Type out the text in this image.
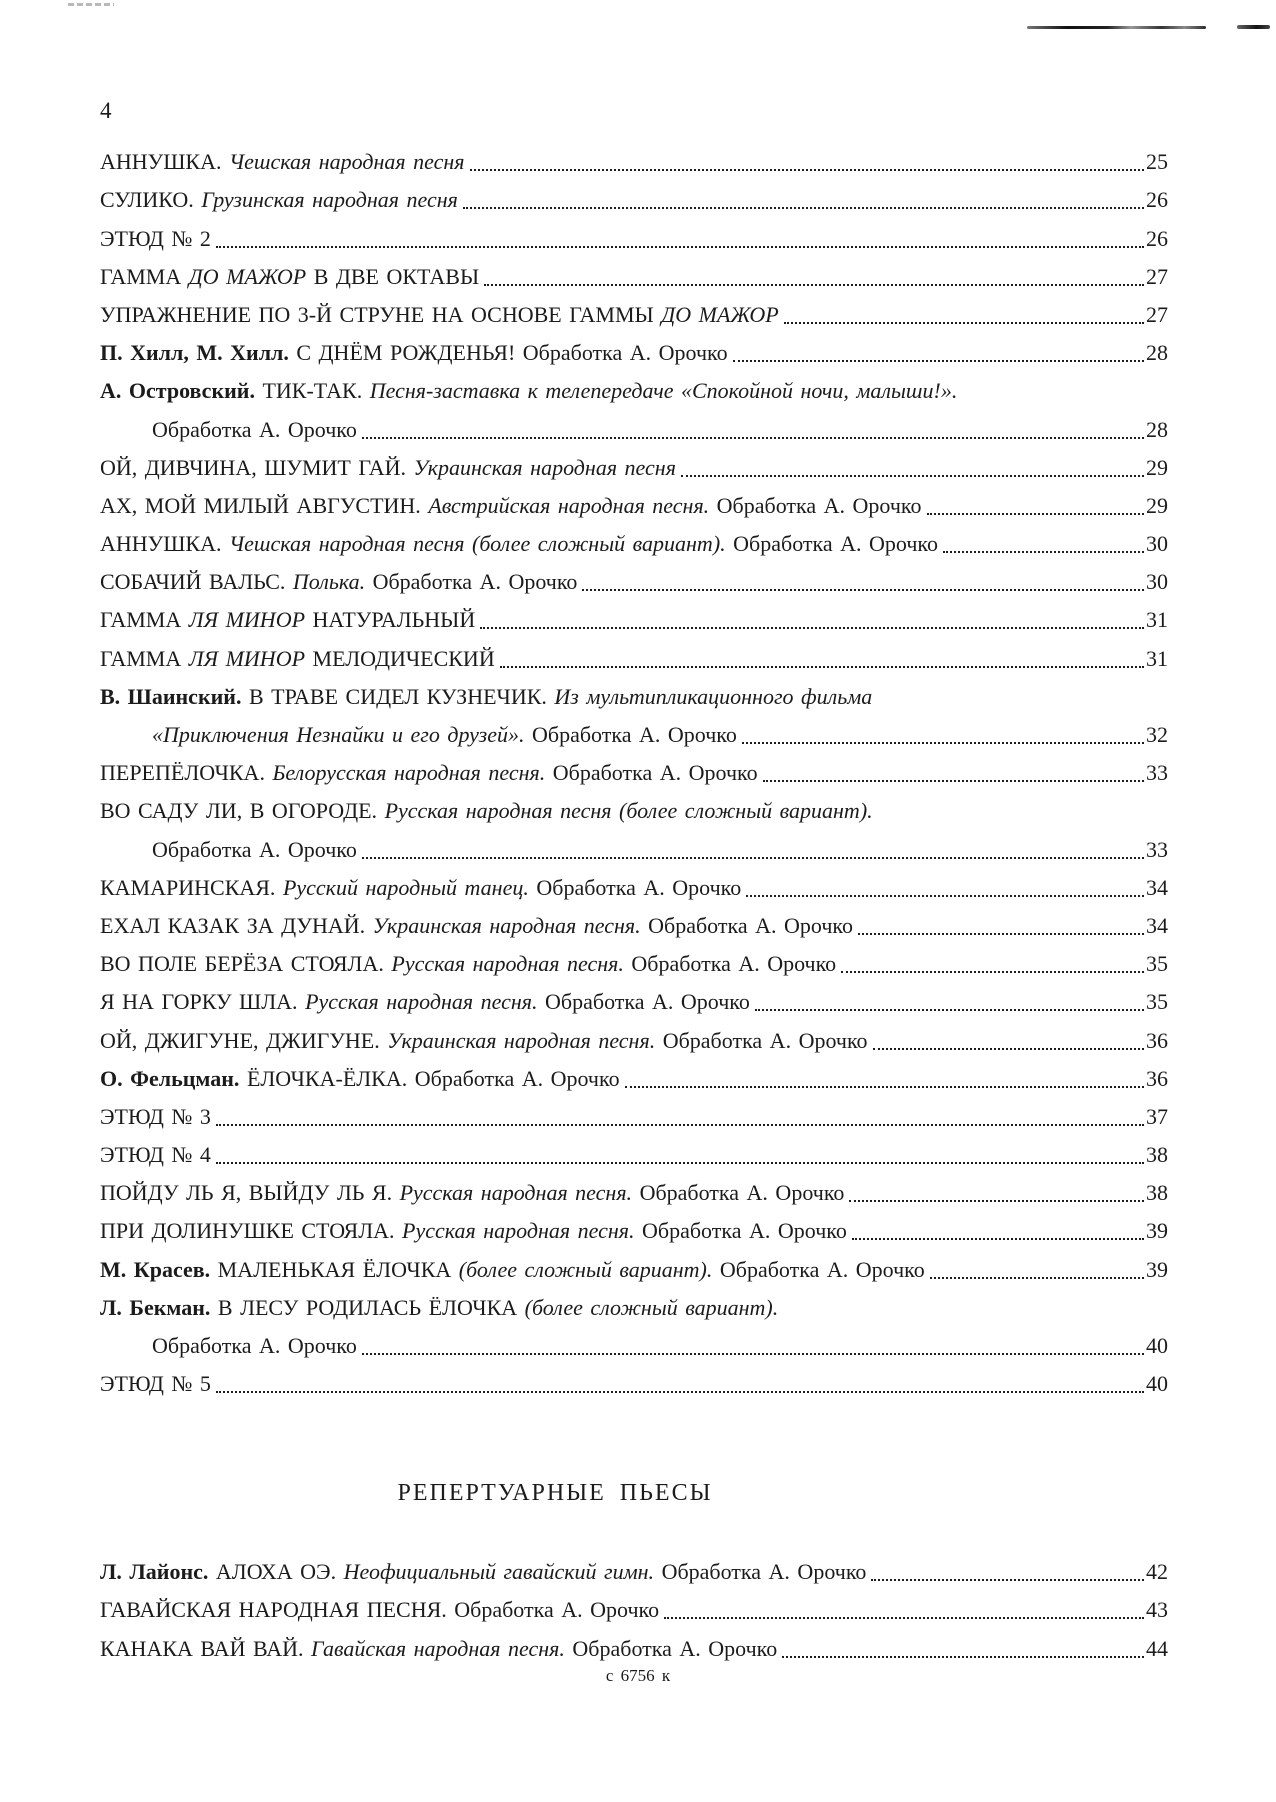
4
АННУШКА. Чешская народная песня	25
СУЛИКО. Грузинская народная песня	26
ЭТЮД № 2	26
ГАММА ДО МАЖОР В ДВЕ ОКТАВЫ	27
УПРАЖНЕНИЕ ПО 3-Й СТРУНЕ НА ОСНОВЕ ГАММЫ ДО МАЖОР	27
П. Хилл, М. Хилл. С ДНЁМ РОЖДЕНЬЯ! Обработка А. Орочко	28
А. Островский. ТИК-ТАК. Песня-заставка к телепередаче «Спокойной ночи, малыши!».
Обработка А. Орочко	28
ОЙ, ДИВЧИНА, ШУМИТ ГАЙ. Украинская народная песня	29
АХ, МОЙ МИЛЫЙ АВГУСТИН. Австрийская народная песня. Обработка А. Орочко	29
АННУШКА. Чешская народная песня (более сложный вариант). Обработка А. Орочко	30
СОБАЧИЙ ВАЛЬС. Полька. Обработка А. Орочко	30
ГАММА ЛЯ МИНОР НАТУРАЛЬНЫЙ	31
ГАММА ЛЯ МИНОР МЕЛОДИЧЕСКИЙ	31
В. Шаинский. В ТРАВЕ СИДЕЛ КУЗНЕЧИК. Из мультипликационного фильма
«Приключения Незнайки и его друзей». Обработка А. Орочко	32
ПЕРЕПЁЛОЧКА. Белорусская народная песня. Обработка А. Орочко	33
ВО САДУ ЛИ, В ОГОРОДЕ. Русская народная песня (более сложный вариант).
Обработка А. Орочко	33
КАМАРИНСКАЯ. Русский народный танец. Обработка А. Орочко	34
ЕХАЛ КАЗАК ЗА ДУНАЙ. Украинская народная песня. Обработка А. Орочко	34
ВО ПОЛЕ БЕРЁЗА СТОЯЛА. Русская народная песня. Обработка А. Орочко	35
Я НА ГОРКУ ШЛА. Русская народная песня. Обработка А. Орочко	35
ОЙ, ДЖИГУНЕ, ДЖИГУНЕ. Украинская народная песня. Обработка А. Орочко	36
О. Фельцман. ЁЛОЧКА-ЁЛКА. Обработка А. Орочко	36
ЭТЮД № 3	37
ЭТЮД № 4	38
ПОЙДУ ЛЬ Я, ВЫЙДУ ЛЬ Я. Русская народная песня. Обработка А. Орочко	38
ПРИ ДОЛИНУШКЕ СТОЯЛА. Русская народная песня. Обработка А. Орочко	39
М. Красев. МАЛЕНЬКАЯ ЁЛОЧКА (более сложный вариант). Обработка А. Орочко	39
Л. Бекман. В ЛЕСУ РОДИЛАСЬ ЁЛОЧКА (более сложный вариант).
Обработка А. Орочко	40
ЭТЮД № 5	40
РЕПЕРТУАРНЫЕ ПЬЕСЫ
Л. Лайонс. АЛОХА ОЭ. Неофициальный гавайский гимн. Обработка А. Орочко	42
ГАВАЙСКАЯ НАРОДНАЯ ПЕСНЯ. Обработка А. Орочко	43
КАНАКА ВАЙ ВАЙ. Гавайская народная песня. Обработка А. Орочко	44
с 6756 к
